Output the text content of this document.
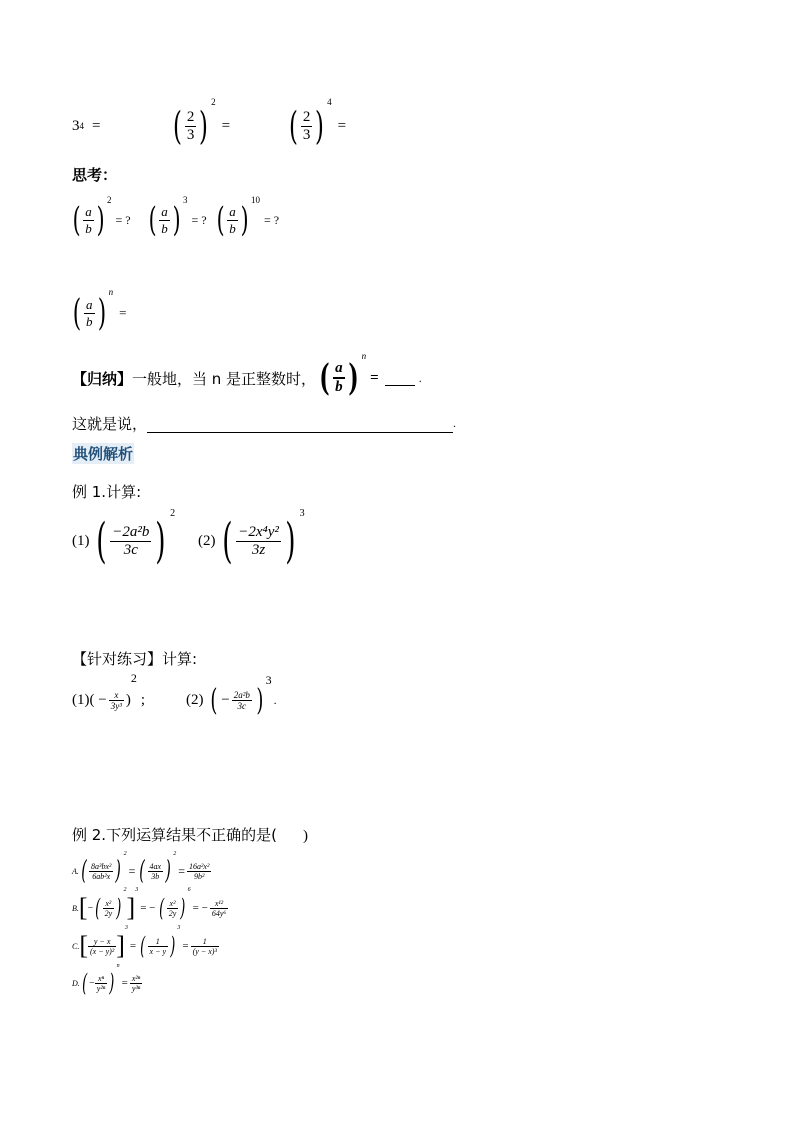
3 4 = ( $\frac{2}{3}$ )
2
= ( $\frac{2}{3}$ )
4
=
思考：
( $\frac{a}{b}$ ) 2
= ? ( $\frac{a}{b}$ ) 3
= ? ( $\frac{a}{b}$ ) 10
= ?
( $\frac{a}{b}$ )
n
=
【归纳】 一般地，当 n 是正整数时， ( $\frac{a}{b}$ )
n
=	.
这就是说，	.
典例解析
例 1.计算:
(1) ( $\frac{\text{−2a²b}}{3c}$ ) 2
(2) ( $\frac{\text{−2x⁴y²}}{3z}$ ) 3
【针对练习】计算:
(1) ( − $\frac{x}{\text{3y³}}$ )
2
;	(2) ( − $\frac{\text{2a²b}}{3c}$ )
3
.
例 2.下列运算结果不正确的是( )
A. ( $\frac{\text{8a³bx²}}{\text{6ab²x}}$ )
2
= ( $\frac{4ax}{3b}$ )
2
= $\frac{\text{16a²x²}}{\text{9b²}}$
B. [ − ( $\frac{\text{x²}}{2y}$ )
2
]
3
= − ( $\frac{\text{x²}}{2y}$ )
6
= − $\frac{\text{x¹²}}{\text{64y⁶}}$
C. [ $\frac{y - x}{\text{(x − y)²}}$ ]
3
= ( $\frac{1}{x - y}$ )
3
= $\frac{1}{\text{(y − x)³}}$
D. ( − $\frac{\text{xⁿ}}{\text{y²ⁿ}}$ )
n
= $\frac{\text{x²ⁿ}}{\text{y³ⁿ}}$
